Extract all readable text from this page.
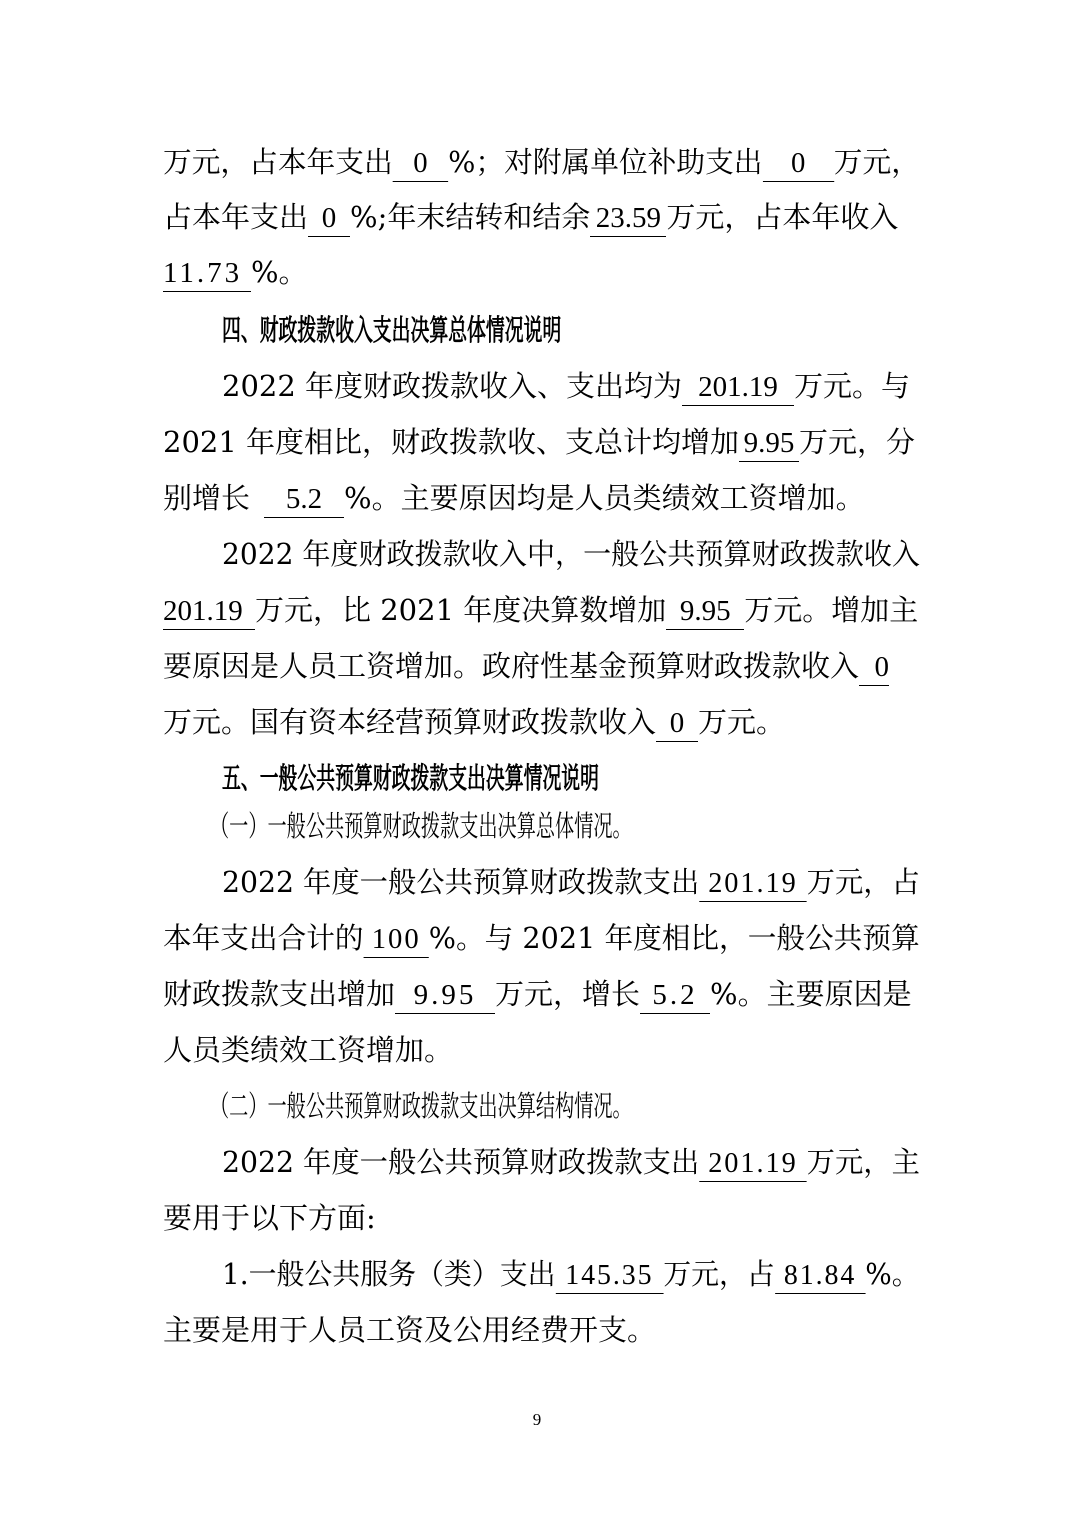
万元，占本年支出 0 %；对附属单位补助支出 0 万元，
占本年支出 0 %;年末结转和结余 23.59 万元，占本年收入
11.73 %。
四、财政拨款收入支出决算总体情况说明
2022 年度财政拨款收入、支出均为 201.19 万元。与
2021 年度相比，财政拨款收、支总计均增加 9.95 万元，分
别增长 5.2 %。主要原因均是人员类绩效工资增加。
2022 年度财政拨款收入中，一般公共预算财政拨款收入
201.19 万元，比 2021 年度决算数增加 9.95 万元。增加主
要原因是人员工资增加。政府性基金预算财政拨款收入 0
万元。国有资本经营预算财政拨款收入 0 万元。
五、一般公共预算财政拨款支出决算情况说明
（一）一般公共预算财政拨款支出决算总体情况。
2022 年度一般公共预算财政拨款支出 201.19 万元，占
本年支出合计的 100 %。与 2021 年度相比，一般公共预算
财政拨款支出增加 9.95 万元，增长 5.2 %。主要原因是
人员类绩效工资增加。
（二）一般公共预算财政拨款支出决算结构情况。
2022 年度一般公共预算财政拨款支出 201.19 万元，主
要用于以下方面:
1.一般公共服务（类）支出 145.35 万元，占 81.84 %。
主要是用于人员工资及公用经费开支。
9
